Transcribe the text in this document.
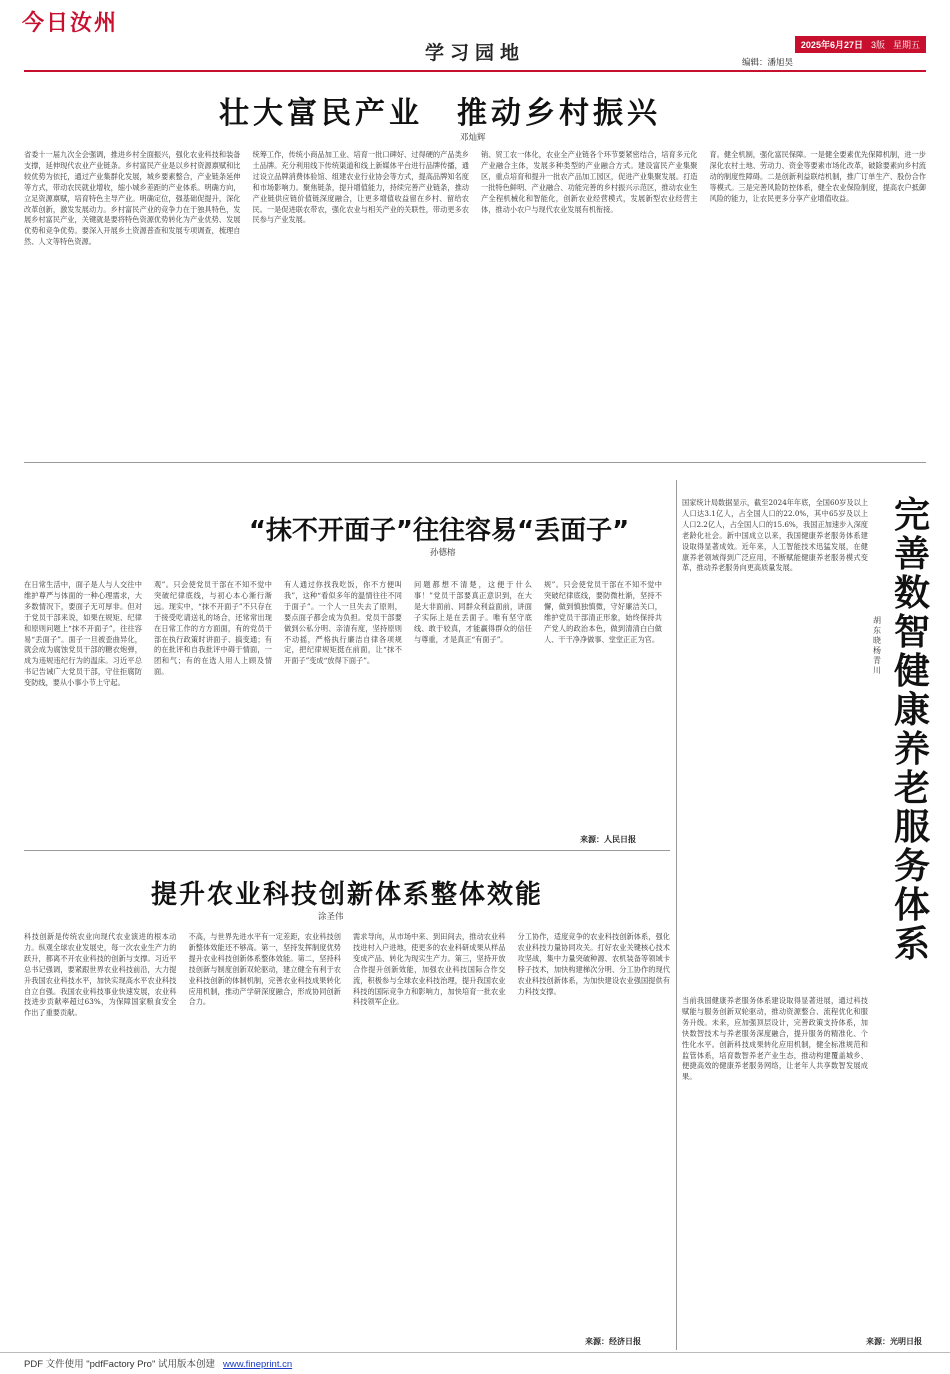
今日汝州
学习园地	2025年6月27日 3版 星期五
编辑：潘旭昊
壮大富民产业　推动乡村振兴
邓灿辉
省委十一届九次全会强调，推进乡村全面振兴，强化农业科技和装备支撑，延伸现代农业产业链条。乡村富民产业是以乡村资源禀赋和比较优势为依托，通过产业集群化发展，城乡要素整合，产业链条延伸等方式，带动农民就业增收，缩小城乡差距的产业体系。明确方向，立足资源禀赋，培育特色主导产业。明确定位，强基础促提升，深化改革创新，激发发展动力。乡村富民产业的竞争力在于独具特色，发展乡村富民产业，关键就是要将特色资源优势转化为产业优势、发展优势和竞争优势。要深入开展乡土资源普查和发展专项调查，梳理自然、人文等特色资源。
统筹工作，传统小商品加工业、培育一批口碑好、过得硬的产品类乡土品牌。充分利用线下传统渠道和线上新媒体平台进行品牌传播，通过设立品牌消费体验馆、组建农业行业协会等方式，提高品牌知名度和市场影响力。聚焦链条，提升增值能力，持续完善产业链条，推动产业链供应链价值链深度融合，让更多增值收益留在乡村、留给农民。一是促进联农带农，强化农业与相关产业的关联性，带动更多农民参与产业发展。
销、贸工农一体化，农业全产业链各个环节要紧密结合，培育多元化产业融合主体，发展多种类型的产业融合方式。建设富民产业集聚区，重点培育和提升一批农产品加工园区，促进产业集聚发展。打造一批特色鲜明、产业融合、功能完善的乡村振兴示范区，推动农业生产全程机械化和智能化，创新农业经营模式，发展新型农业经营主体，推动小农户与现代农业发展有机衔接。
育。健全机制，强化富民保障。一是健全要素优先保障机制，进一步深化农村土地、劳动力、资金等要素市场化改革，破除要素向乡村流动的制度性障碍。二是创新利益联结机制，推广订单生产、股份合作等模式。三是完善风险防控体系，健全农业保险制度，提高农户抵御风险的能力，让农民更多分享产业增值收益。
“抹不开面子”往往容易“丢面子”
孙德榕
在日常生活中，面子是人与人交往中维护尊严与体面的一种心理需求，大多数情况下，要面子无可厚非。但对于党员干部来说，如果在规矩、纪律和原则问题上“抹不开面子”，往往容易“丢面子”。面子一旦被歪曲异化，就会成为腐蚀党员干部的糖衣炮弹，成为违规违纪行为的温床。习近平总书记告诫广大党员干部，守住拒腐防变防线，要从小事小节上守起。
观”。只会使党员干部在不知不觉中突破纪律底线，与初心本心渐行渐远。现实中，“抹不开面子”不只存在于接受吃请送礼的场合，还常常出现在日常工作的方方面面，有的党员干部在执行政策时讲面子、搞变通；有的在批评和自我批评中碍于情面，一团和气；有的在选人用人上顾及情面。
有人通过你找我吃饭，你不方便叫我”，这种“看似多年的温情往往不同于面子”。一个人一旦失去了原则，要点面子都会成为负担。党员干部要做到公私分明、亲清有度，坚持原则不动摇，严格执行廉洁自律各项规定，把纪律规矩挺在前面，让“抹不开面子”变成“放得下面子”。
问题都想不清楚，这便于什么事！”党员干部要真正意识到，在大是大非面前、同群众利益面前，讲面子实际上是在丢面子。唯有坚守底线、敢于较真，才能赢得群众的信任与尊重，才是真正“有面子”。
规”。只会使党员干部在不知不觉中突破纪律底线，要防微杜渐，坚持不懈，做到慎独慎微，守好廉洁关口，维护党员干部清正形象，始终保持共产党人的政治本色，做到清清白白做人、干干净净做事、堂堂正正为官。
来源：人民日报
提升农业科技创新体系整体效能
涂圣伟
科技创新是传统农业向现代农业演进的根本动力。纵观全球农业发展史，每一次农业生产力的跃升，都离不开农业科技的创新与支撑。习近平总书记强调，要紧跟世界农业科技前沿，大力提升我国农业科技水平，加快实现高水平农业科技自立自强。我国农业科技事业快速发展，农业科技进步贡献率超过63%，为保障国家粮食安全作出了重要贡献。
不高，与世界先进水平有一定差距，农业科技创新整体效能还不够高。第一，坚持发挥制度优势提升农业科技创新体系整体效能。第二，坚持科技创新与制度创新双轮驱动，建立健全有利于农业科技创新的体制机制，完善农业科技成果转化应用机制，推动产学研深度融合，形成协同创新合力。
需求导向，从市场中来、到田间去，推动农业科技进村入户进地，使更多的农业科研成果从样品变成产品、转化为现实生产力。第三，坚持开放合作提升创新效能，加强农业科技国际合作交流，积极参与全球农业科技治理，提升我国农业科技的国际竞争力和影响力，加快培育一批农业科技领军企业。
分工协作，适度竞争的农业科技创新体系，强化农业科技力量协同攻关。打好农业关键核心技术攻坚战，集中力量突破种源、农机装备等领域卡脖子技术，加快构建梯次分明、分工协作的现代农业科技创新体系，为加快建设农业强国提供有力科技支撑。
来源：经济日报
完善数智健康养老服务体系
胡东晓　杨青川
国家统计局数据显示，截至2024年年底，全国60岁及以上人口达3.1亿人，占全国人口的22.0%，其中65岁及以上人口2.2亿人，占全国人口的15.6%，我国正加速步入深度老龄化社会。新中国成立以来，我国健康养老服务体系建设取得显著成效。近年来，人工智能技术迅猛发展，在健康养老领域得到广泛应用，不断赋能健康养老服务模式变革，推动养老服务向更高质量发展。
当前我国健康养老服务体系建设取得显著进展，通过科技赋能与服务创新双轮驱动，推动资源整合、流程优化和服务升级。未来，应加强顶层设计，完善政策支持体系，加快数智技术与养老服务深度融合，提升服务的精准化、个性化水平。创新科技成果转化应用机制，健全标准规范和监管体系，培育数智养老产业生态，推动构建覆盖城乡、便捷高效的健康养老服务网络，让老年人共享数智发展成果。
来源：光明日报
PDF 文件使用 "pdfFactory Pro" 试用版本创建 www.fineprint.cn
